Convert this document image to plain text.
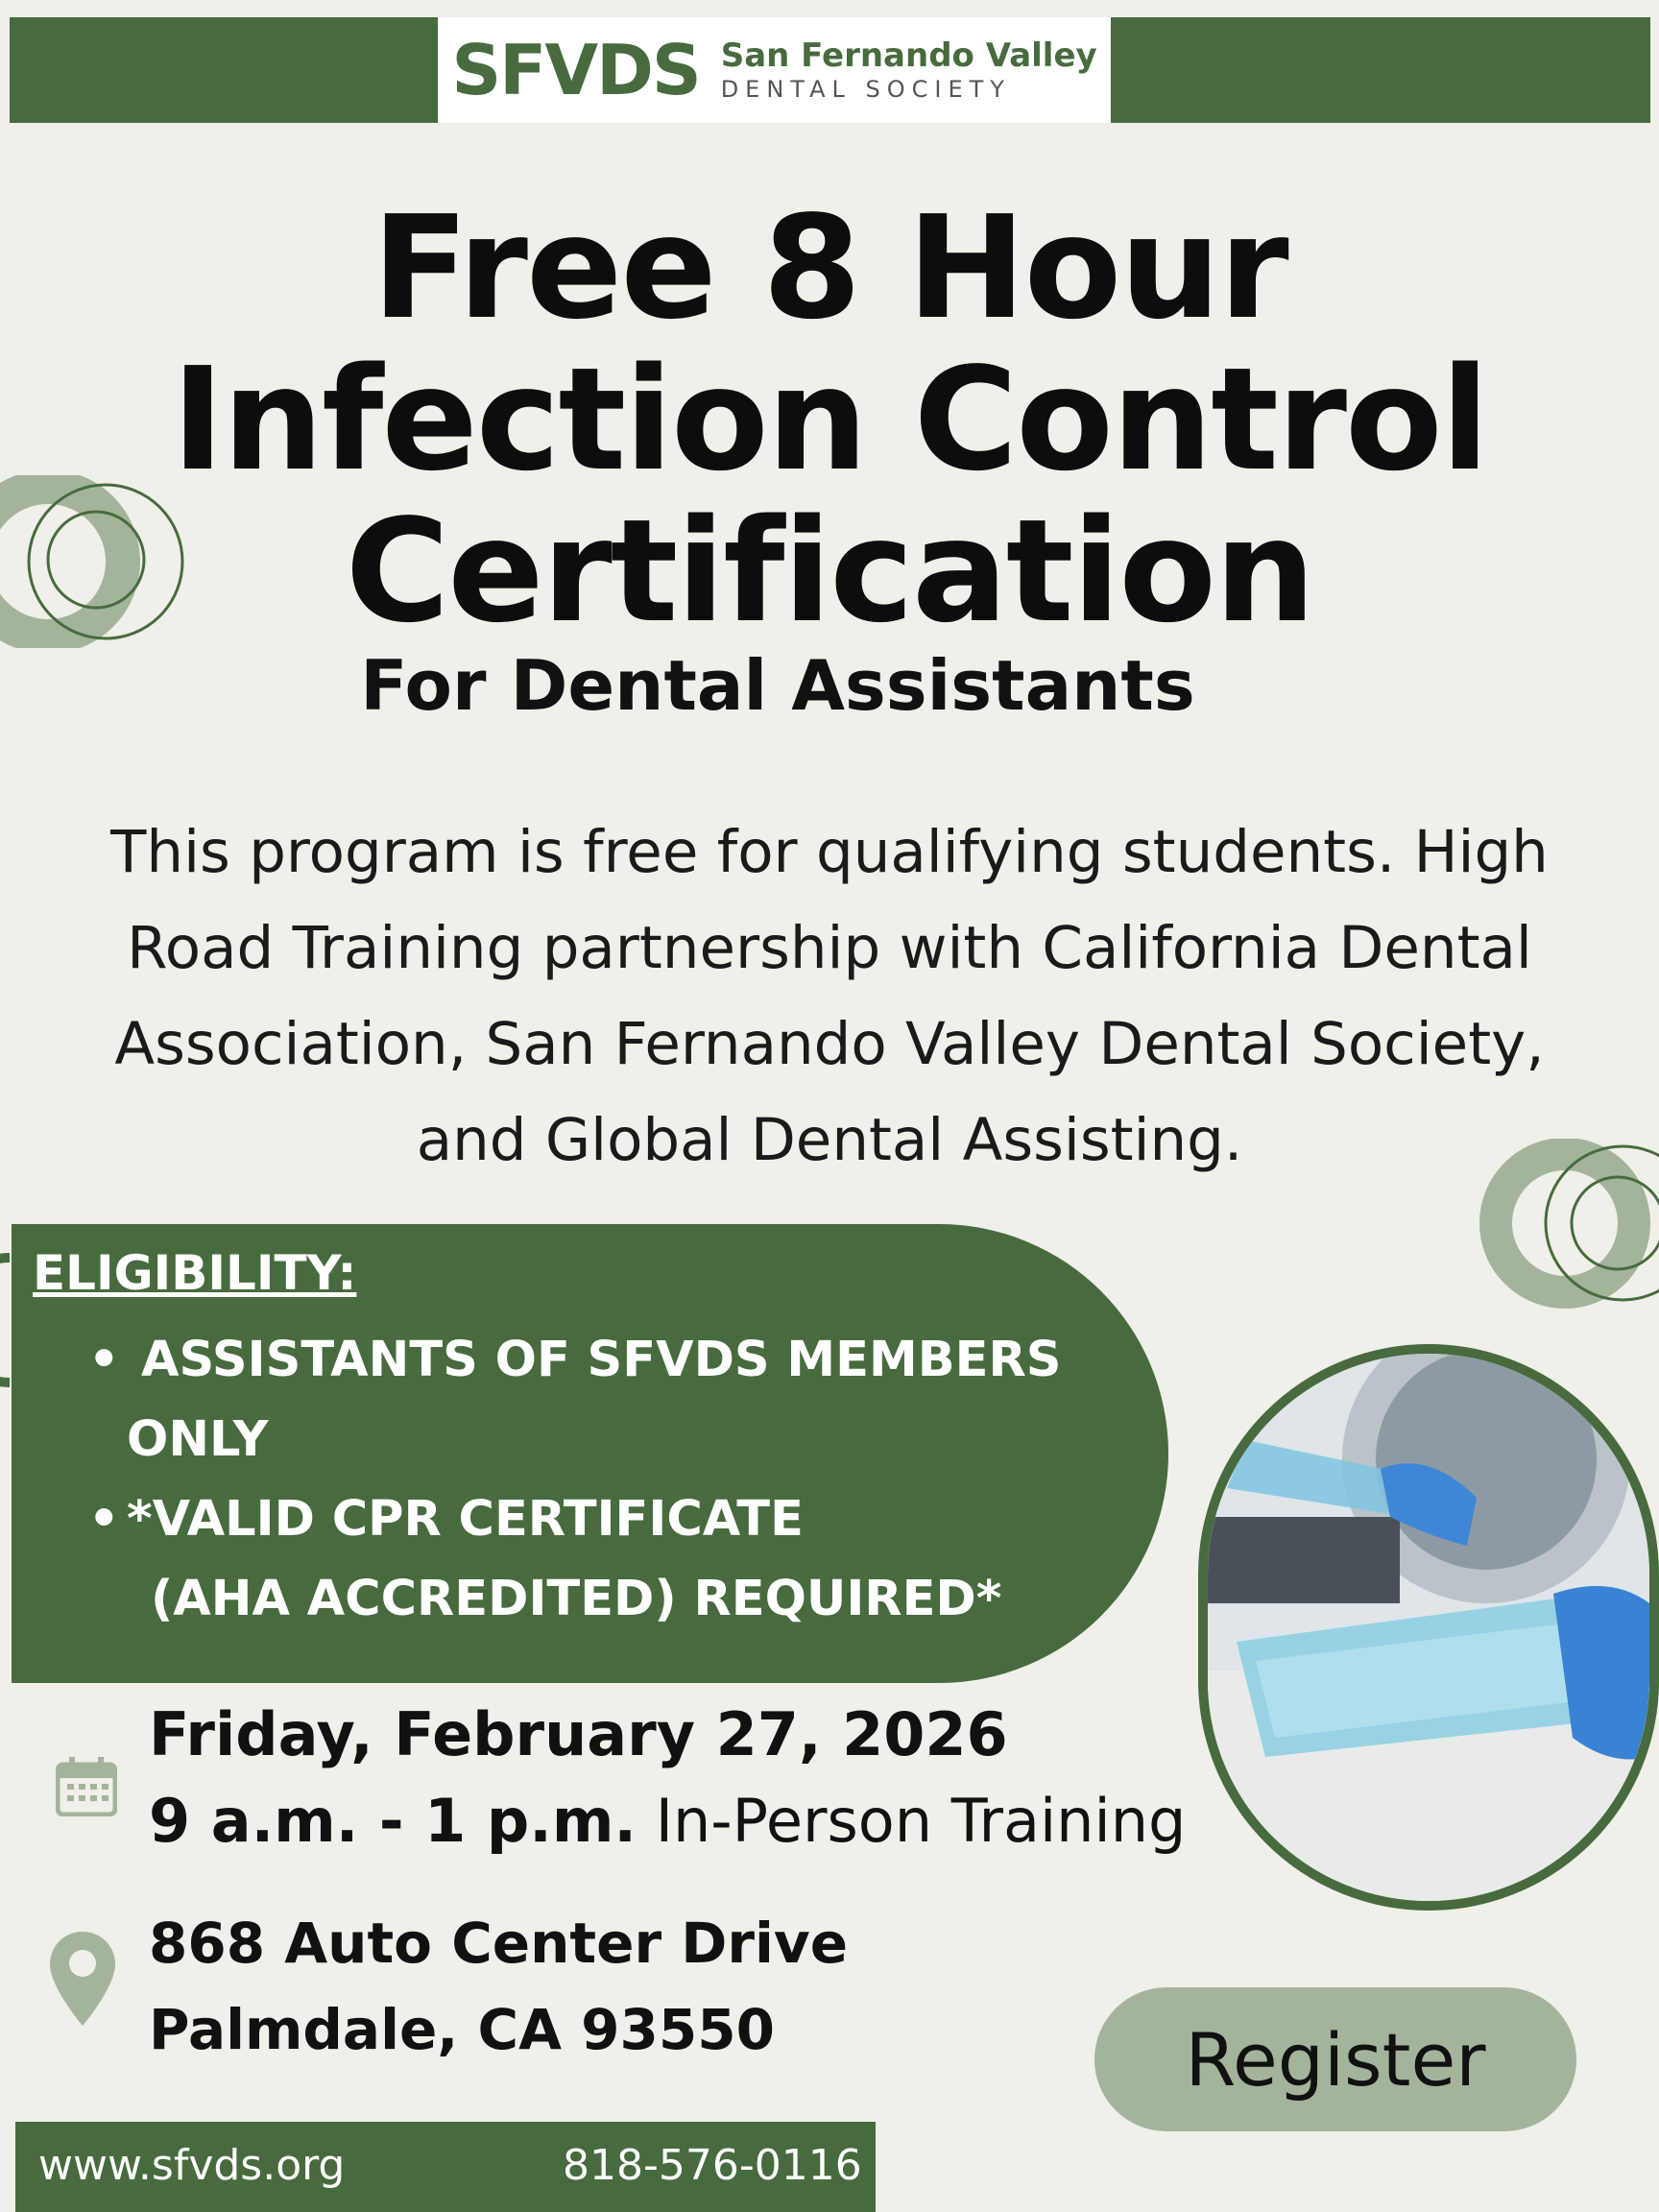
SFVDS San Fernando Valley
DENTAL SOCIETY
Free 8 Hour
Infection Control
Certification
For Dental Assistants
This program is free for qualifying students. High
Road Training partnership with California Dental
Association, San Fernando Valley Dental Society,
and Global Dental Assisting.
ELIGIBILITY:
• ASSISTANTS OF SFVDS MEMBERS
ONLY
• *VALID CPR CERTIFICATE
(AHA ACCREDITED) REQUIRED*
Friday, February 27, 2026
9 a.m. - 1 p.m. In-Person Training
868 Auto Center Drive
Palmdale, CA 93550	Register
www.sfvds.org	818-576-0116
